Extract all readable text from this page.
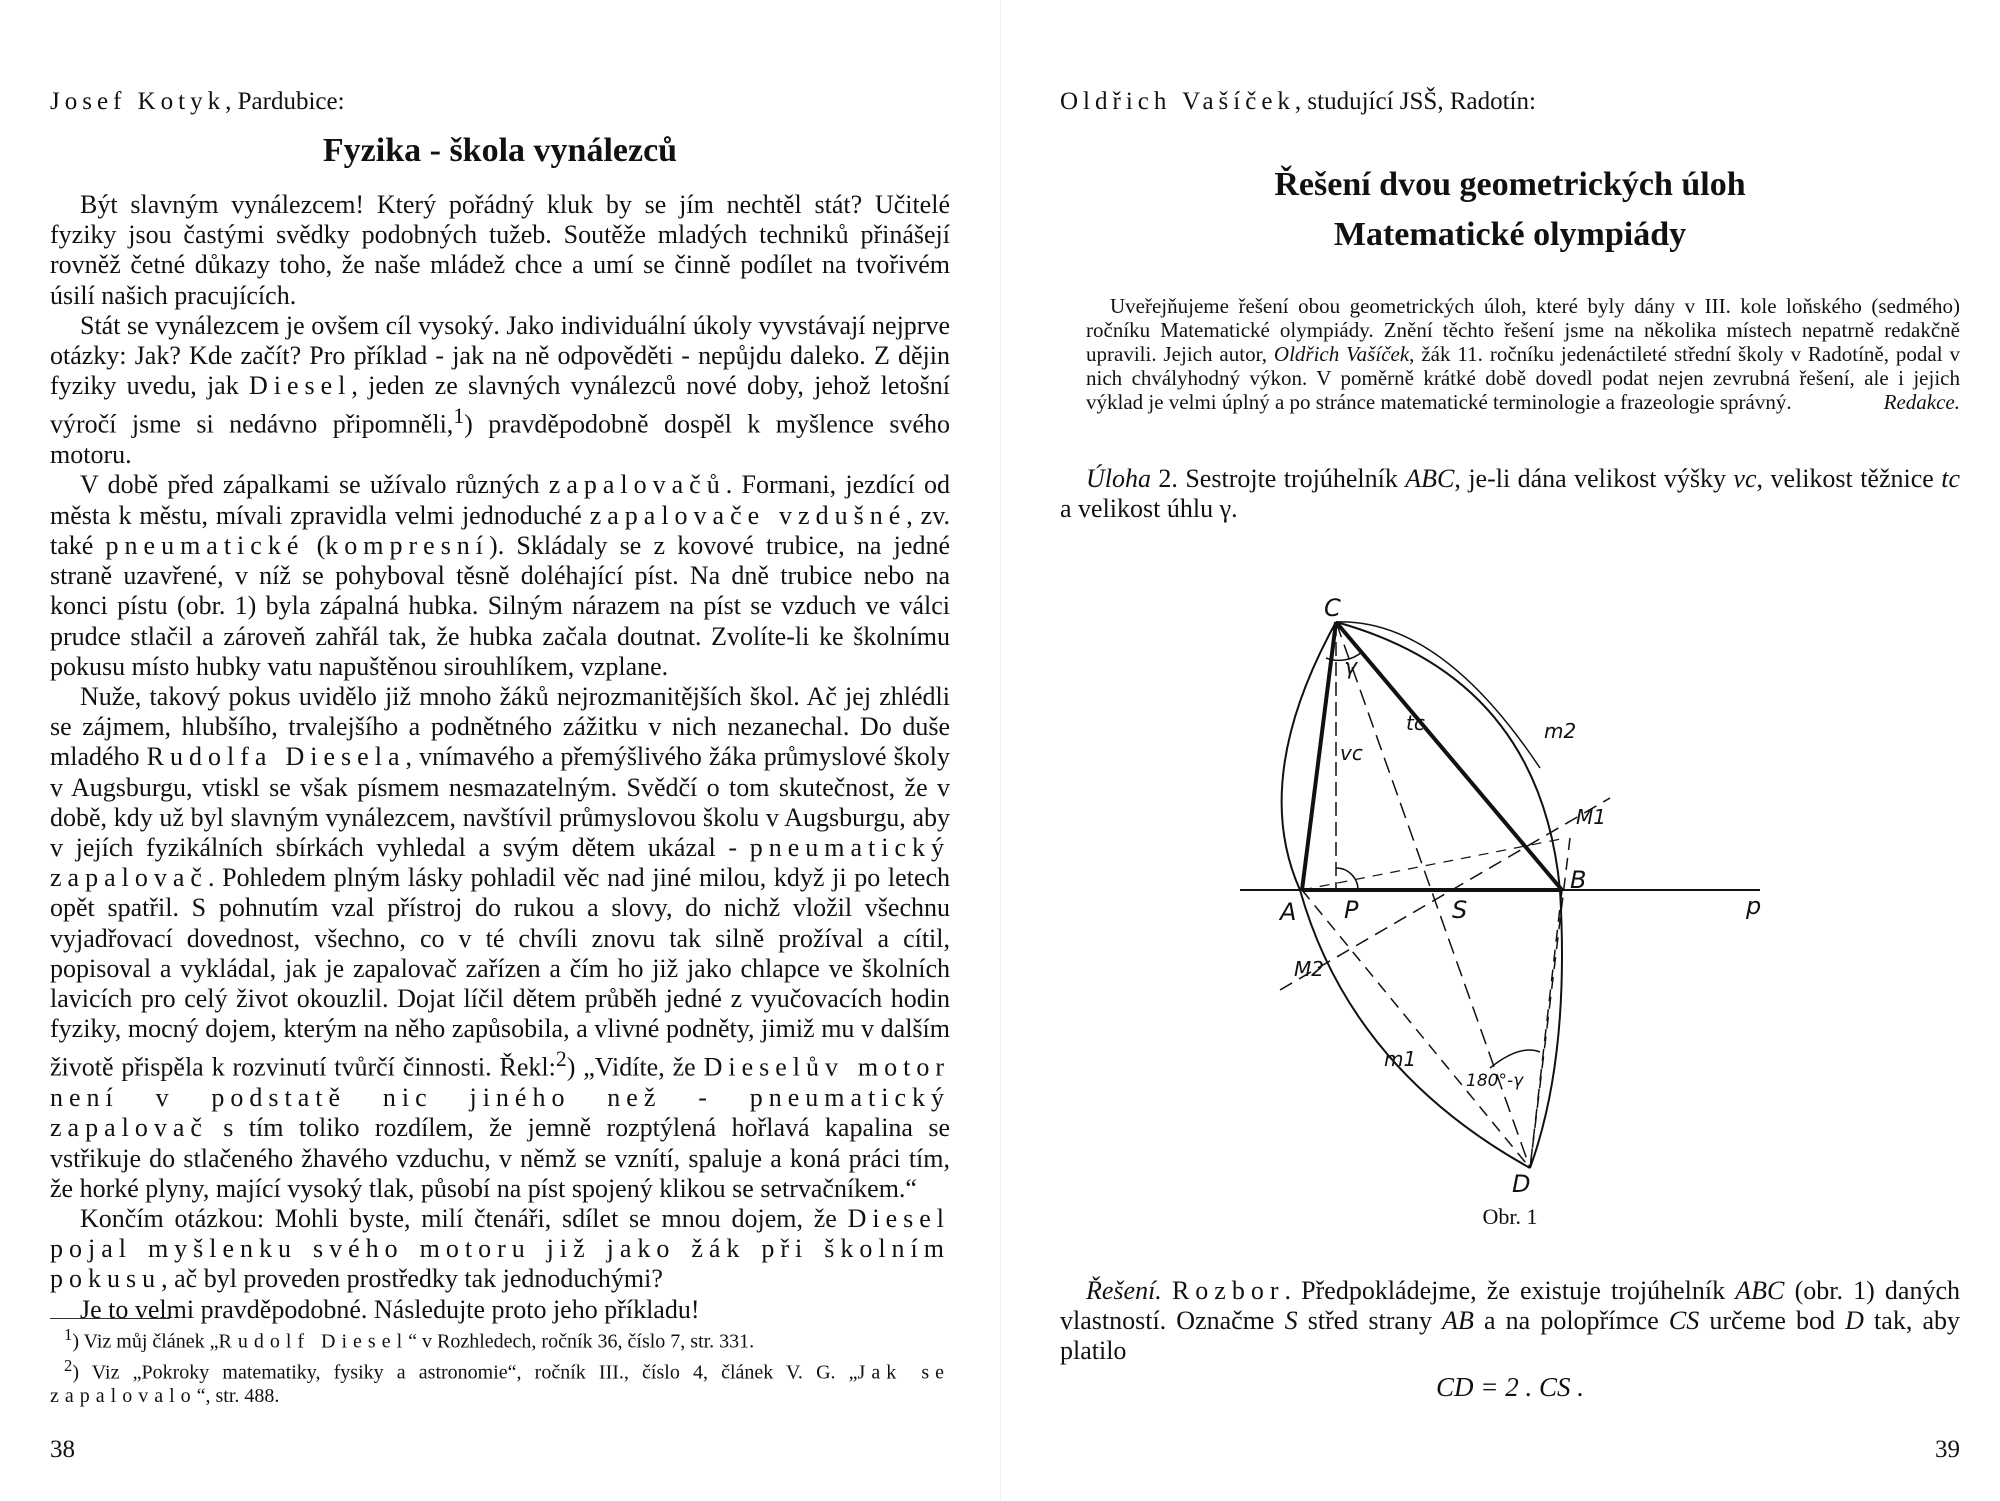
Josef Kotyk, Pardubice:
Fyzika - škola vynálezců

Být slavným vynálezcem! Který pořádný kluk by se jím nechtěl stát? Učitelé fyziky jsou častými svědky podobných tužeb. Soutěže mladých techniků přinášejí rovněž četné důkazy toho, že naše mládež chce a umí se činně podílet na tvořivém úsilí našich pracujících.

Stát se vynálezcem je ovšem cíl vysoký. Jako individuální úkoly vyvstávají nejprve otázky: Jak? Kde začít? Pro příklad - jak na ně odpověděti - nepůjdu daleko. Z dějin fyziky uvedu, jak Diesel, jeden ze slavných vynálezců nové doby, jehož letošní výročí jsme si nedávno připomněli,$^1$) pravděpodobně dospěl k myšlence svého motoru.

V době před zápalkami se užívalo různých zapalovačů. Formani, jezdící od města k městu, mívali zpravidla velmi jednoduché zapalovače vzdušné, zv. také pneumatické (kompresní). Skládaly se z kovové trubice, na jedné straně uzavřené, v níž se pohyboval těsně doléhající píst. Na dně trubice nebo na konci pístu (obr. 1) byla zápalná hubka. Silným nárazem na píst se vzduch ve válci prudce stlačil a zároveň zahřál tak, že hubka začala doutnat. Zvolíte-li ke školnímu pokusu místo hubky vatu napuštěnou sirouhlíkem, vzplane.

Nuže, takový pokus uvidělo již mnoho žáků nejrozmanitějších škol. Ač jej zhlédli se zájmem, hlubšího, trvalejšího a podnětného zážitku v nich nezanechal. Do duše mladého Rudolfa Diesela, vnímavého a přemýšlivého žáka průmyslové školy v Augsburgu, vtiskl se však písmem nesmazatelným. Svědčí o tom skutečnost, že v době, kdy už byl slavným vynálezcem, navštívil průmyslovou školu v Augsburgu, aby v jejích fyzikálních sbírkách vyhledal a svým dětem ukázal - pneumatický zapalovač. Pohledem plným lásky pohladil věc nad jiné milou, když ji po letech opět spatřil. S pohnutím vzal přístroj do rukou a slovy, do nichž vložil všechnu vyjadřovací dovednost, všechno, co v té chvíli znovu tak silně prožíval a cítil, popisoval a vykládal, jak je zapalovač zařízen a čím ho již jako chlapce ve školních lavicích pro celý život okouzlil. Dojat líčil dětem průběh jedné z vyučovacích hodin fyziky, mocný dojem, kterým na něho zapůsobila, a vlivné podněty, jimiž mu v dalším životě přispěla k rozvinutí tvůrčí činnosti. Řekl:$^2$) „Vidíte, že Dieselův motor není v podstatě nic jiného než - pneumatický zapalovač s tím toliko rozdílem, že jemně rozptýlená hořlavá kapalina se vstřikuje do stlačeného žhavého vzduchu, v němž se vznítí, spaluje a koná práci tím, že horké plyny, mající vysoký tlak, působí na píst spojený klikou se setrvačníkem.“

Končím otázkou: Mohli byste, milí čtenáři, sdílet se mnou dojem, že Diesel pojal myšlenku svého motoru již jako žák při školním pokusu, ač byl proveden prostředky tak jednoduchými?

Je to velmi pravděpodobné. Následujte proto jeho příkladu!

$^1$) Viz můj článek „Rudolf Diesel“ v Rozhledech, ročník 36, číslo 7, str. 331.

$^2$) Viz „Pokroky matematiky, fysiky a astronomie“, ročník III., číslo 4, článek V. G. „Jak se zapalovalo“, str. 488.

38
Oldřich Vašíček, studující JSŠ, Radotín:
Řešení dvou geometrických úloh
Matematické olympiády

Uveřejňujeme řešení obou geometrických úloh, které byly dány v III. kole loňského (sedmého) ročníku Matematické olympiády. Znění těchto řešení jsme na několika místech nepatrně redakčně upravili. Jejich autor, Oldřich Vašíček, žák 11. ročníku jedenáctileté střední školy v Radotíně, podal v nich chvályhodný výkon. V poměrně krátké době dovedl podat nejen zevrubná řešení, ale i jejich výklad je velmi úplný a po stránce matematické terminologie a frazeologie správný.	Redakce.

Úloha 2. Sestrojte trojúhelník ABC, je-li dána velikost výšky vc, velikost těžnice tc a velikost úhlu γ.

C
A
B
P	S
D
p
M1
M2
m1
m2
vc
tc
γ
180°-γ
Obr. 1

Řešení. Rozbor. Předpokládejme, že existuje trojúhelník ABC (obr. 1) daných vlastností. Označme S střed strany AB a na polopřímce CS určeme bod D tak, aby platilo

CD = 2 . CS .
39
